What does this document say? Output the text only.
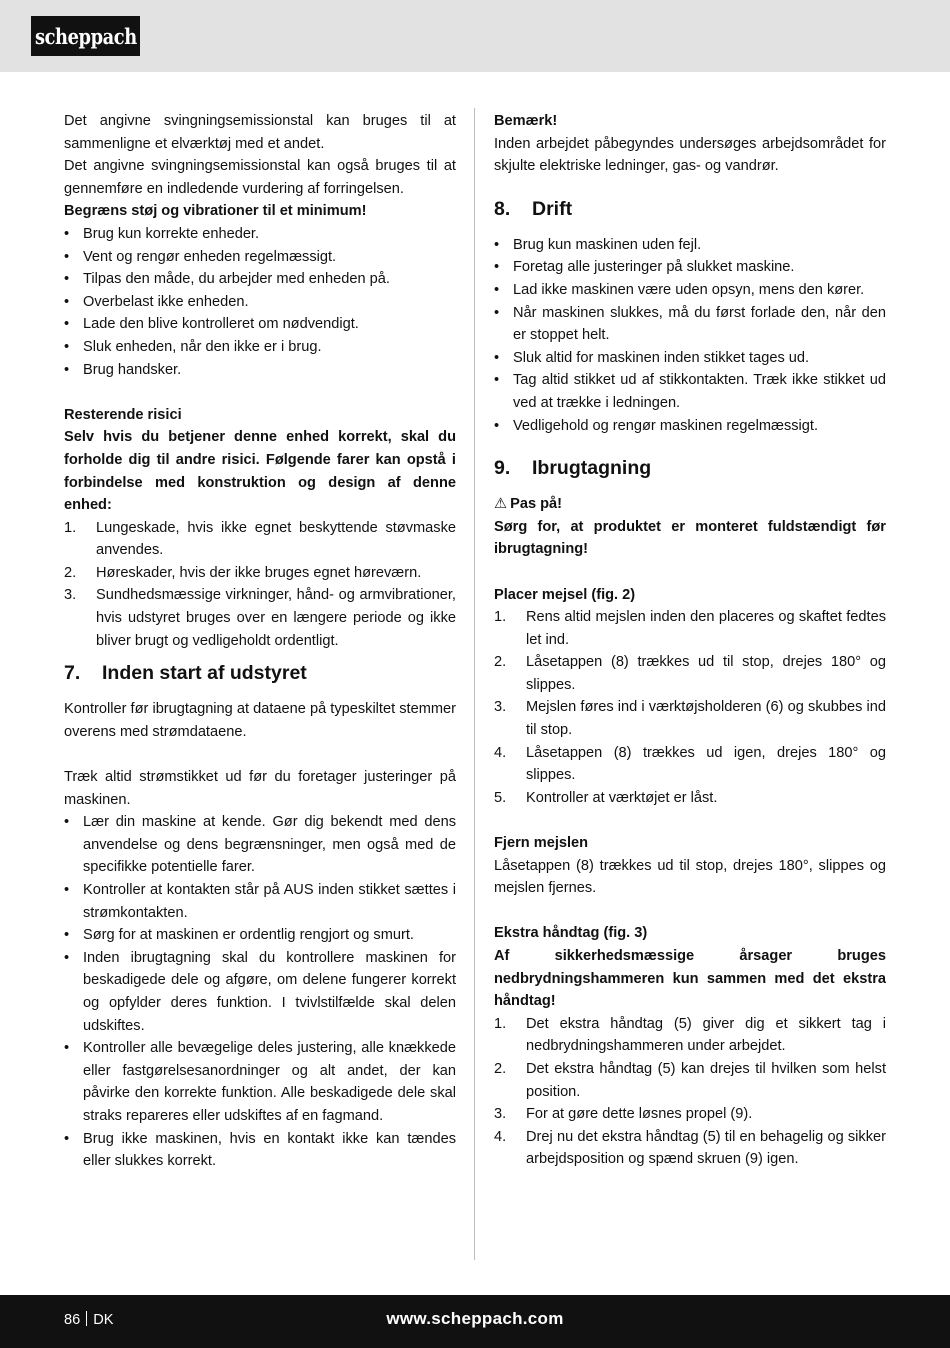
scheppach

Det angivne svingningsemissionstal kan bruges til at sammenligne et elværktøj med et andet.

Det angivne svingningsemissionstal kan også bruges til at gennemføre en indledende vurdering af forringelsen.

Begræns støj og vibrationer til et minimum!

• Brug kun korrekte enheder.
• Vent og rengør enheden regelmæssigt.
• Tilpas den måde, du arbejder med enheden på.
• Overbelast ikke enheden.
• Lade den blive kontrolleret om nødvendigt.
• Sluk enheden, når den ikke er i brug.
• Brug handsker.

Resterende risici

Selv hvis du betjener denne enhed korrekt, skal du forholde dig til andre risici. Følgende farer kan opstå i forbindelse med konstruktion og design af denne enhed:

1. Lungeskade, hvis ikke egnet beskyttende støvmaske anvendes.
2. Høreskader, hvis der ikke bruges egnet høreværn.
3. Sundhedsmæssige virkninger, hånd- og armvibrationer, hvis udstyret bruges over en længere periode og ikke bliver brugt og vedligeholdt ordentligt.
7.	Inden start af udstyret

Kontroller før ibrugtagning at dataene på typeskiltet stemmer overens med strømdataene.

Træk altid strømstikket ud før du foretager justeringer på maskinen.

• Lær din maskine at kende. Gør dig bekendt med dens anvendelse og dens begrænsninger, men også med de specifikke potentielle farer.
• Kontroller at kontakten står på AUS inden stikket sættes i strømkontakten.
• Sørg for at maskinen er ordentlig rengjort og smurt.
• Inden ibrugtagning skal du kontrollere maskinen for beskadigede dele og afgøre, om delene fungerer korrekt og opfylder deres funktion. I tvivlstilfælde skal delen udskiftes.
• Kontroller alle bevægelige deles justering, alle knækkede eller fastgørelsesanordninger og alt andet, der kan påvirke den korrekte funktion. Alle beskadigede dele skal straks repareres eller udskiftes af en fagmand.
• Brug ikke maskinen, hvis en kontakt ikke kan tændes eller slukkes korrekt.

Bemærk!

Inden arbejdet påbegyndes undersøges arbejdsområdet for skjulte elektriske ledninger, gas- og vandrør.

8.	Drift
• Brug kun maskinen uden fejl.
• Foretag alle justeringer på slukket maskine.
• Lad ikke maskinen være uden opsyn, mens den kører.
• Når maskinen slukkes, må du først forlade den, når den er stoppet helt.
• Sluk altid for maskinen inden stikket tages ud.
• Tag altid stikket ud af stikkontakten. Træk ikke stikket ud ved at trække i ledningen.
• Vedligehold og rengør maskinen regelmæssigt.
9.	Ibrugtagning

⚠ Pas på!

Sørg for, at produktet er monteret fuldstændigt før ibrugtagning!

Placer mejsel (fig. 2)

1. Rens altid mejslen inden den placeres og skaftet fedtes let ind.
2. Låsetappen (8) trækkes ud til stop, drejes 180° og slippes.
3. Mejslen føres ind i værktøjsholderen (6) og skubbes ind til stop.
4. Låsetappen (8) trækkes ud igen, drejes 180° og slippes.
5. Kontroller at værktøjet er låst.

Fjern mejslen

Låsetappen (8) trækkes ud til stop, drejes 180°, slippes og mejslen fjernes.

Ekstra håndtag (fig. 3)

Af sikkerhedsmæssige årsager bruges nedbrydningshammeren kun sammen med det ekstra håndtag!

1. Det ekstra håndtag (5) giver dig et sikkert tag i nedbrydningshammeren under arbejdet.
2. Det ekstra håndtag (5) kan drejes til hvilken som helst position.
3. For at gøre dette løsnes propel (9).
4. Drej nu det ekstra håndtag (5) til en behagelig og sikker arbejdsposition og spænd skruen (9) igen.
86 DK	www.scheppach.com
